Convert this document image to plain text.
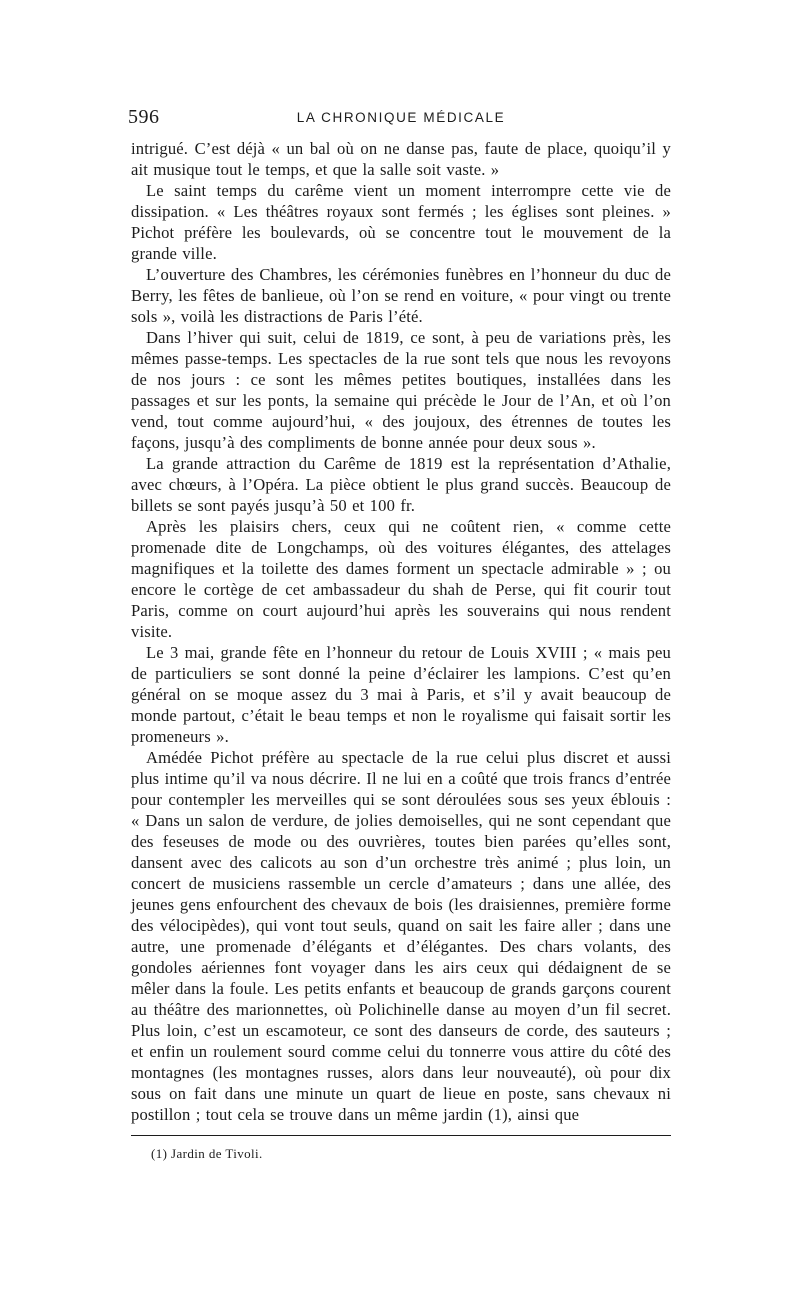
596	LA CHRONIQUE MÉDICALE

intrigué. C’est déjà « un bal où on ne danse pas, faute de place, quoiqu’il y ait musique tout le temps, et que la salle soit vaste. »

Le saint temps du carême vient un moment interrompre cette vie de dissipation. « Les théâtres royaux sont fermés ; les églises sont pleines. » Pichot préfère les boulevards, où se concentre tout le mouvement de la grande ville.

L’ouverture des Chambres, les cérémonies funèbres en l’honneur du duc de Berry, les fêtes de banlieue, où l’on se rend en voiture, « pour vingt ou trente sols », voilà les distractions de Paris l’été.

Dans l’hiver qui suit, celui de 1819, ce sont, à peu de variations près, les mêmes passe-temps. Les spectacles de la rue sont tels que nous les revoyons de nos jours : ce sont les mêmes petites boutiques, installées dans les passages et sur les ponts, la semaine qui précède le Jour de l’An, et où l’on vend, tout comme aujourd’hui, « des joujoux, des étrennes de toutes les façons, jusqu’à des compliments de bonne année pour deux sous ».

La grande attraction du Carême de 1819 est la représentation d’Athalie, avec chœurs, à l’Opéra. La pièce obtient le plus grand succès. Beaucoup de billets se sont payés jusqu’à 50 et 100 fr.

Après les plaisirs chers, ceux qui ne coûtent rien, « comme cette promenade dite de Longchamps, où des voitures élégantes, des attelages magnifiques et la toilette des dames forment un spectacle admirable » ; ou encore le cortège de cet ambassadeur du shah de Perse, qui fit courir tout Paris, comme on court aujourd’hui après les souverains qui nous rendent visite.

Le 3 mai, grande fête en l’honneur du retour de Louis XVIII ; « mais peu de particuliers se sont donné la peine d’éclairer les lampions. C’est qu’en général on se moque assez du 3 mai à Paris, et s’il y avait beaucoup de monde partout, c’était le beau temps et non le royalisme qui faisait sortir les promeneurs ».

Amédée Pichot préfère au spectacle de la rue celui plus discret et aussi plus intime qu’il va nous décrire. Il ne lui en a coûté que trois francs d’entrée pour contempler les merveilles qui se sont déroulées sous ses yeux éblouis : « Dans un salon de verdure, de jolies demoiselles, qui ne sont cependant que des feseuses de mode ou des ouvrières, toutes bien parées qu’elles sont, dansent avec des calicots au son d’un orchestre très animé ; plus loin, un concert de musiciens rassemble un cercle d’amateurs ; dans une allée, des jeunes gens enfourchent des chevaux de bois (les draisiennes, première forme des vélocipèdes), qui vont tout seuls, quand on sait les faire aller ; dans une autre, une promenade d’élégants et d’élégantes. Des chars volants, des gondoles aériennes font voyager dans les airs ceux qui dédaignent de se mêler dans la foule. Les petits enfants et beaucoup de grands garçons courent au théâtre des marionnettes, où Polichinelle danse au moyen d’un fil secret. Plus loin, c’est un escamoteur, ce sont des danseurs de corde, des sauteurs ; et enfin un roulement sourd comme celui du tonnerre vous attire du côté des montagnes (les montagnes russes, alors dans leur nouveauté), où pour dix sous on fait dans une minute un quart de lieue en poste, sans chevaux ni postillon ; tout cela se trouve dans un même jardin (1), ainsi que

(1) Jardin de Tivoli.
